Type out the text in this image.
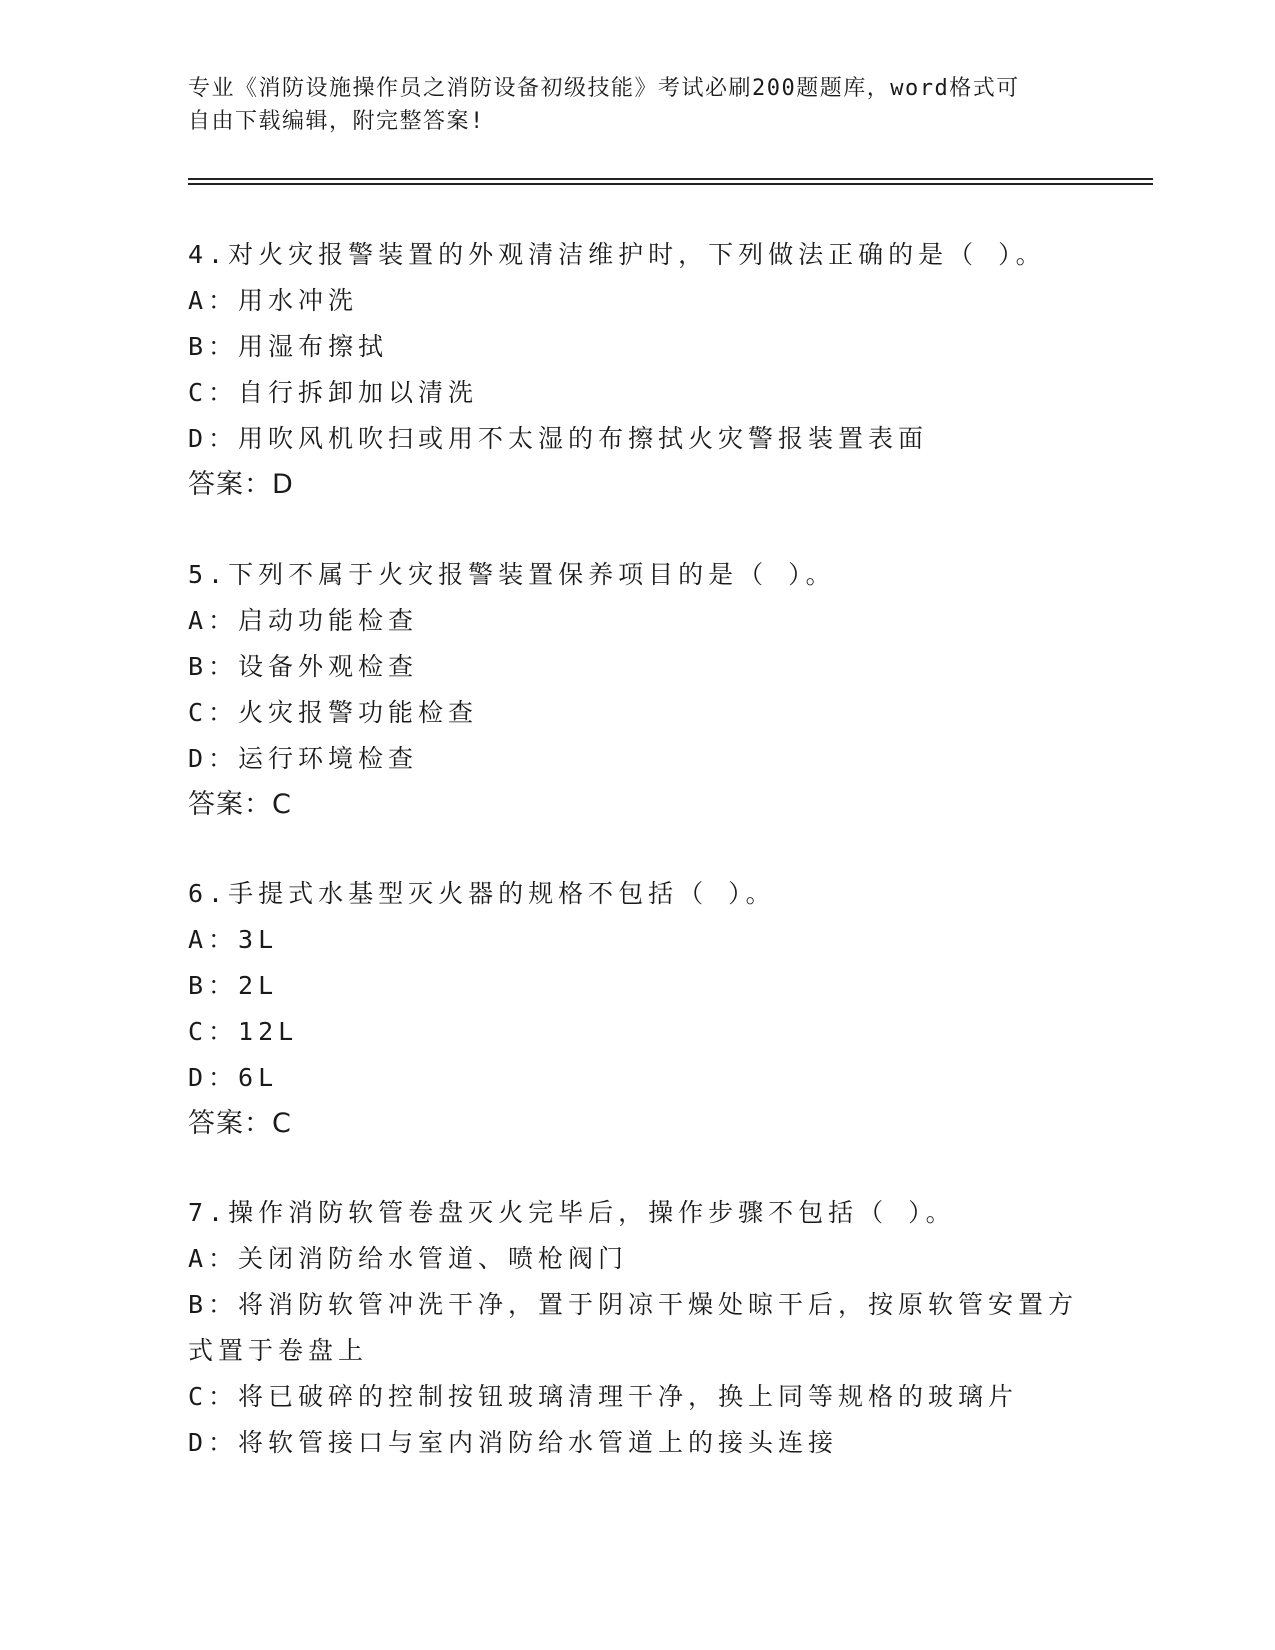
专业《消防设施操作员之消防设备初级技能》考试必刷200题题库，word格式可
自由下载编辑，附完整答案!
4.对火灾报警装置的外观清洁维护时，下列做法正确的是（ ）。
A：用水冲洗
B：用湿布擦拭
C：自行拆卸加以清洗
D：用吹风机吹扫或用不太湿的布擦拭火灾警报装置表面
答案：D
5.下列不属于火灾报警装置保养项目的是（ ）。
A：启动功能检查
B：设备外观检查
C：火灾报警功能检查
D：运行环境检查
答案：C
6.手提式水基型灭火器的规格不包括（ ）。
A：3L
B：2L
C：12L
D：6L
答案：C
7.操作消防软管卷盘灭火完毕后，操作步骤不包括（ ）。
A：关闭消防给水管道、喷枪阀门
B：将消防软管冲洗干净，置于阴凉干燥处晾干后，按原软管安置方式置于卷盘上
C：将已破碎的控制按钮玻璃清理干净，换上同等规格的玻璃片
D：将软管接口与室内消防给水管道上的接头连接
